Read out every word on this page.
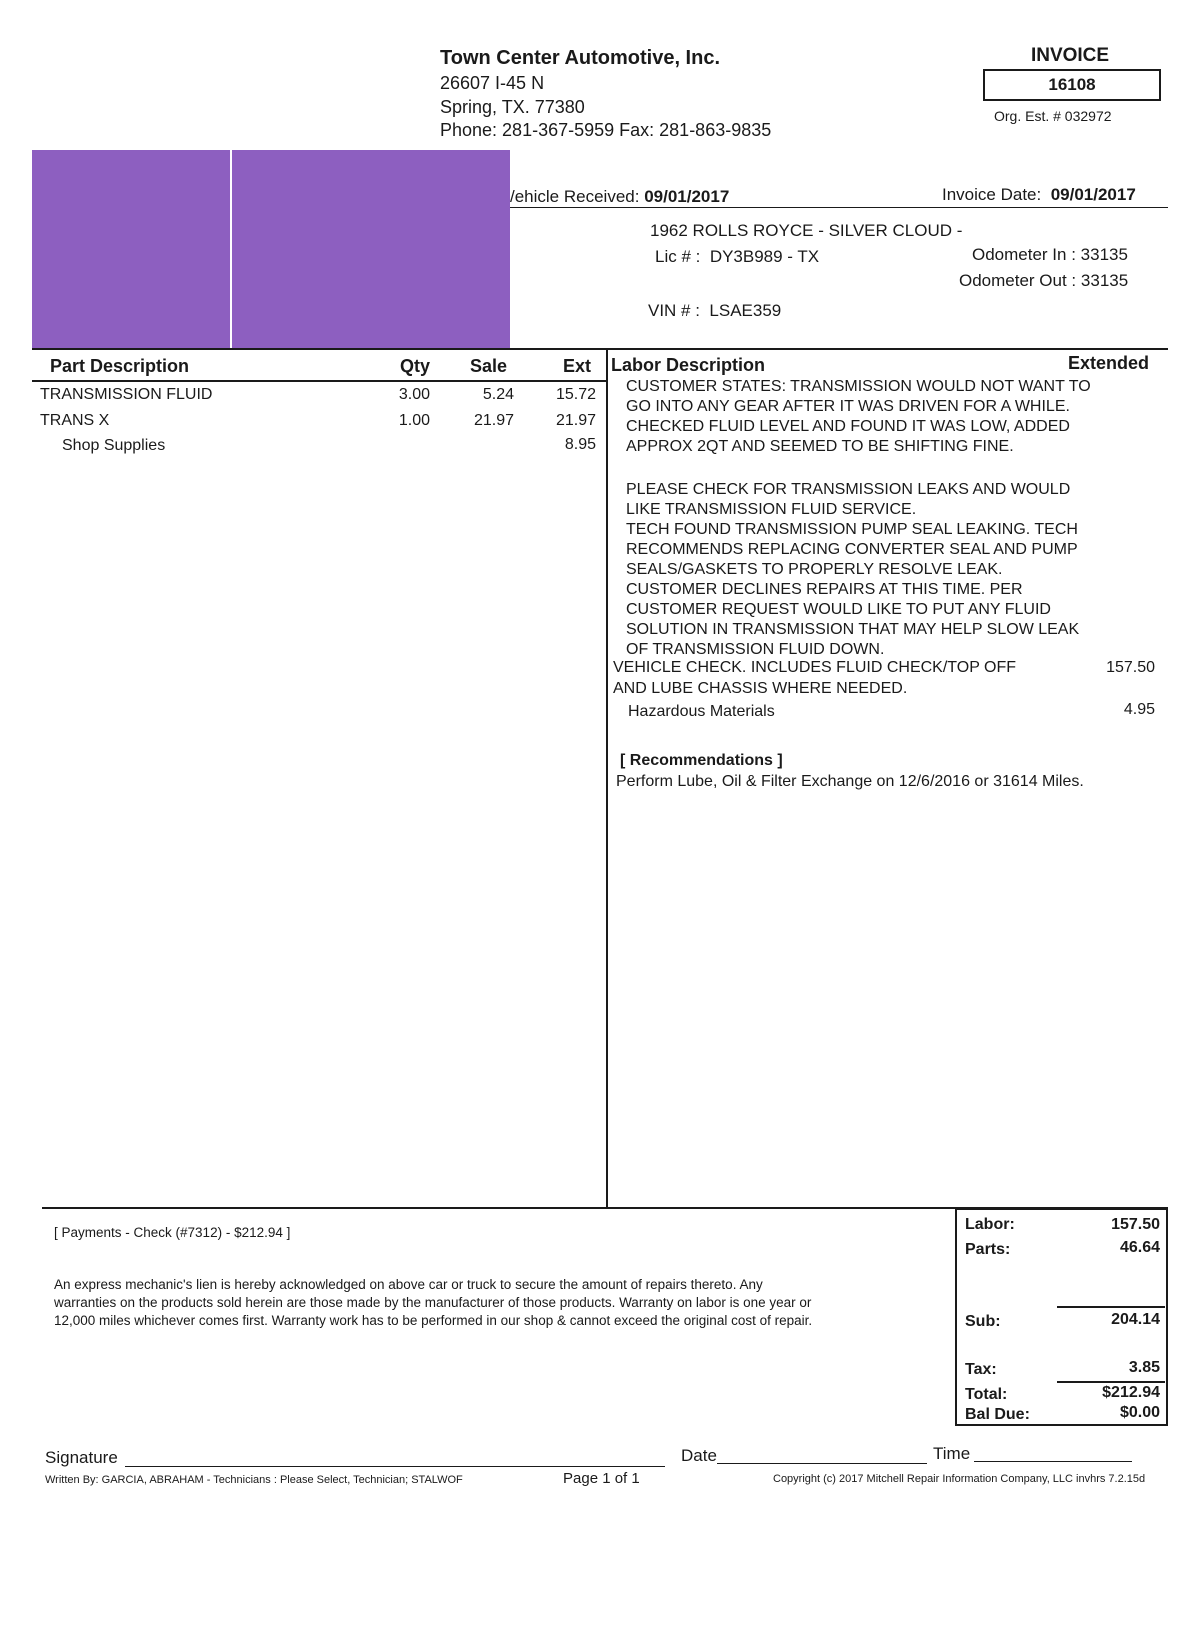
Town Center Automotive, Inc.
26607 I-45 N
Spring, TX. 77380
Phone: 281-367-5959 Fax: 281-863-9835
INVOICE
16108
Org. Est. # 032972
/ehicle Received: 09/01/2017	Invoice Date: 09/01/2017
1962 ROLLS ROYCE - SILVER CLOUD -
Lic # : DY3B989 - TX	Odometer In : 33135
Odometer Out : 33135
VIN # : LSAE359
Part Description	Qty Sale	Ext
TRANSMISSION FLUID	3.00	5.24	15.72
TRANS X	1.00	21.97	21.97
Shop Supplies	8.95
Labor Description	Extended

CUSTOMER STATES: TRANSMISSION WOULD NOT WANT TO

GO INTO ANY GEAR AFTER IT WAS DRIVEN FOR A WHILE.

CHECKED FLUID LEVEL AND FOUND IT WAS LOW, ADDED

APPROX 2QT AND SEEMED TO BE SHIFTING FINE.

PLEASE CHECK FOR TRANSMISSION LEAKS AND WOULD

LIKE TRANSMISSION FLUID SERVICE.

TECH FOUND TRANSMISSION PUMP SEAL LEAKING. TECH

RECOMMENDS REPLACING CONVERTER SEAL AND PUMP

SEALS/GASKETS TO PROPERLY RESOLVE LEAK.

CUSTOMER DECLINES REPAIRS AT THIS TIME. PER

CUSTOMER REQUEST WOULD LIKE TO PUT ANY FLUID

SOLUTION IN TRANSMISSION THAT MAY HELP SLOW LEAK

OF TRANSMISSION FLUID DOWN.

VEHICLE CHECK. INCLUDES FLUID CHECK/TOP OFF	157.50
AND LUBE CHASSIS WHERE NEEDED.
Hazardous Materials	4.95
[ Recommendations ]
Perform Lube, Oil & Filter Exchange on 12/6/2016 or 31614 Miles.
[ Payments - Check (#7312) - $212.94 ]
An express mechanic's lien is hereby acknowledged on above car or truck to secure the amount of repairs thereto. Any
warranties on the products sold herein are those made by the manufacturer of those products. Warranty on labor is one year or
12,000 miles whichever comes first. Warranty work has to be performed in our shop & cannot exceed the original cost of repair.
Labor:	157.50
Parts:	46.64
Sub:	204.14
Tax:	3.85
Total:	$212.94
Bal Due:	$0.00
Signature	Date	Time
Written By: GARCIA, ABRAHAM - Technicians : Please Select, Technician; STALWOF	Page 1 of 1	Copyright (c) 2017 Mitchell Repair Information Company, LLC invhrs 7.2.15d
